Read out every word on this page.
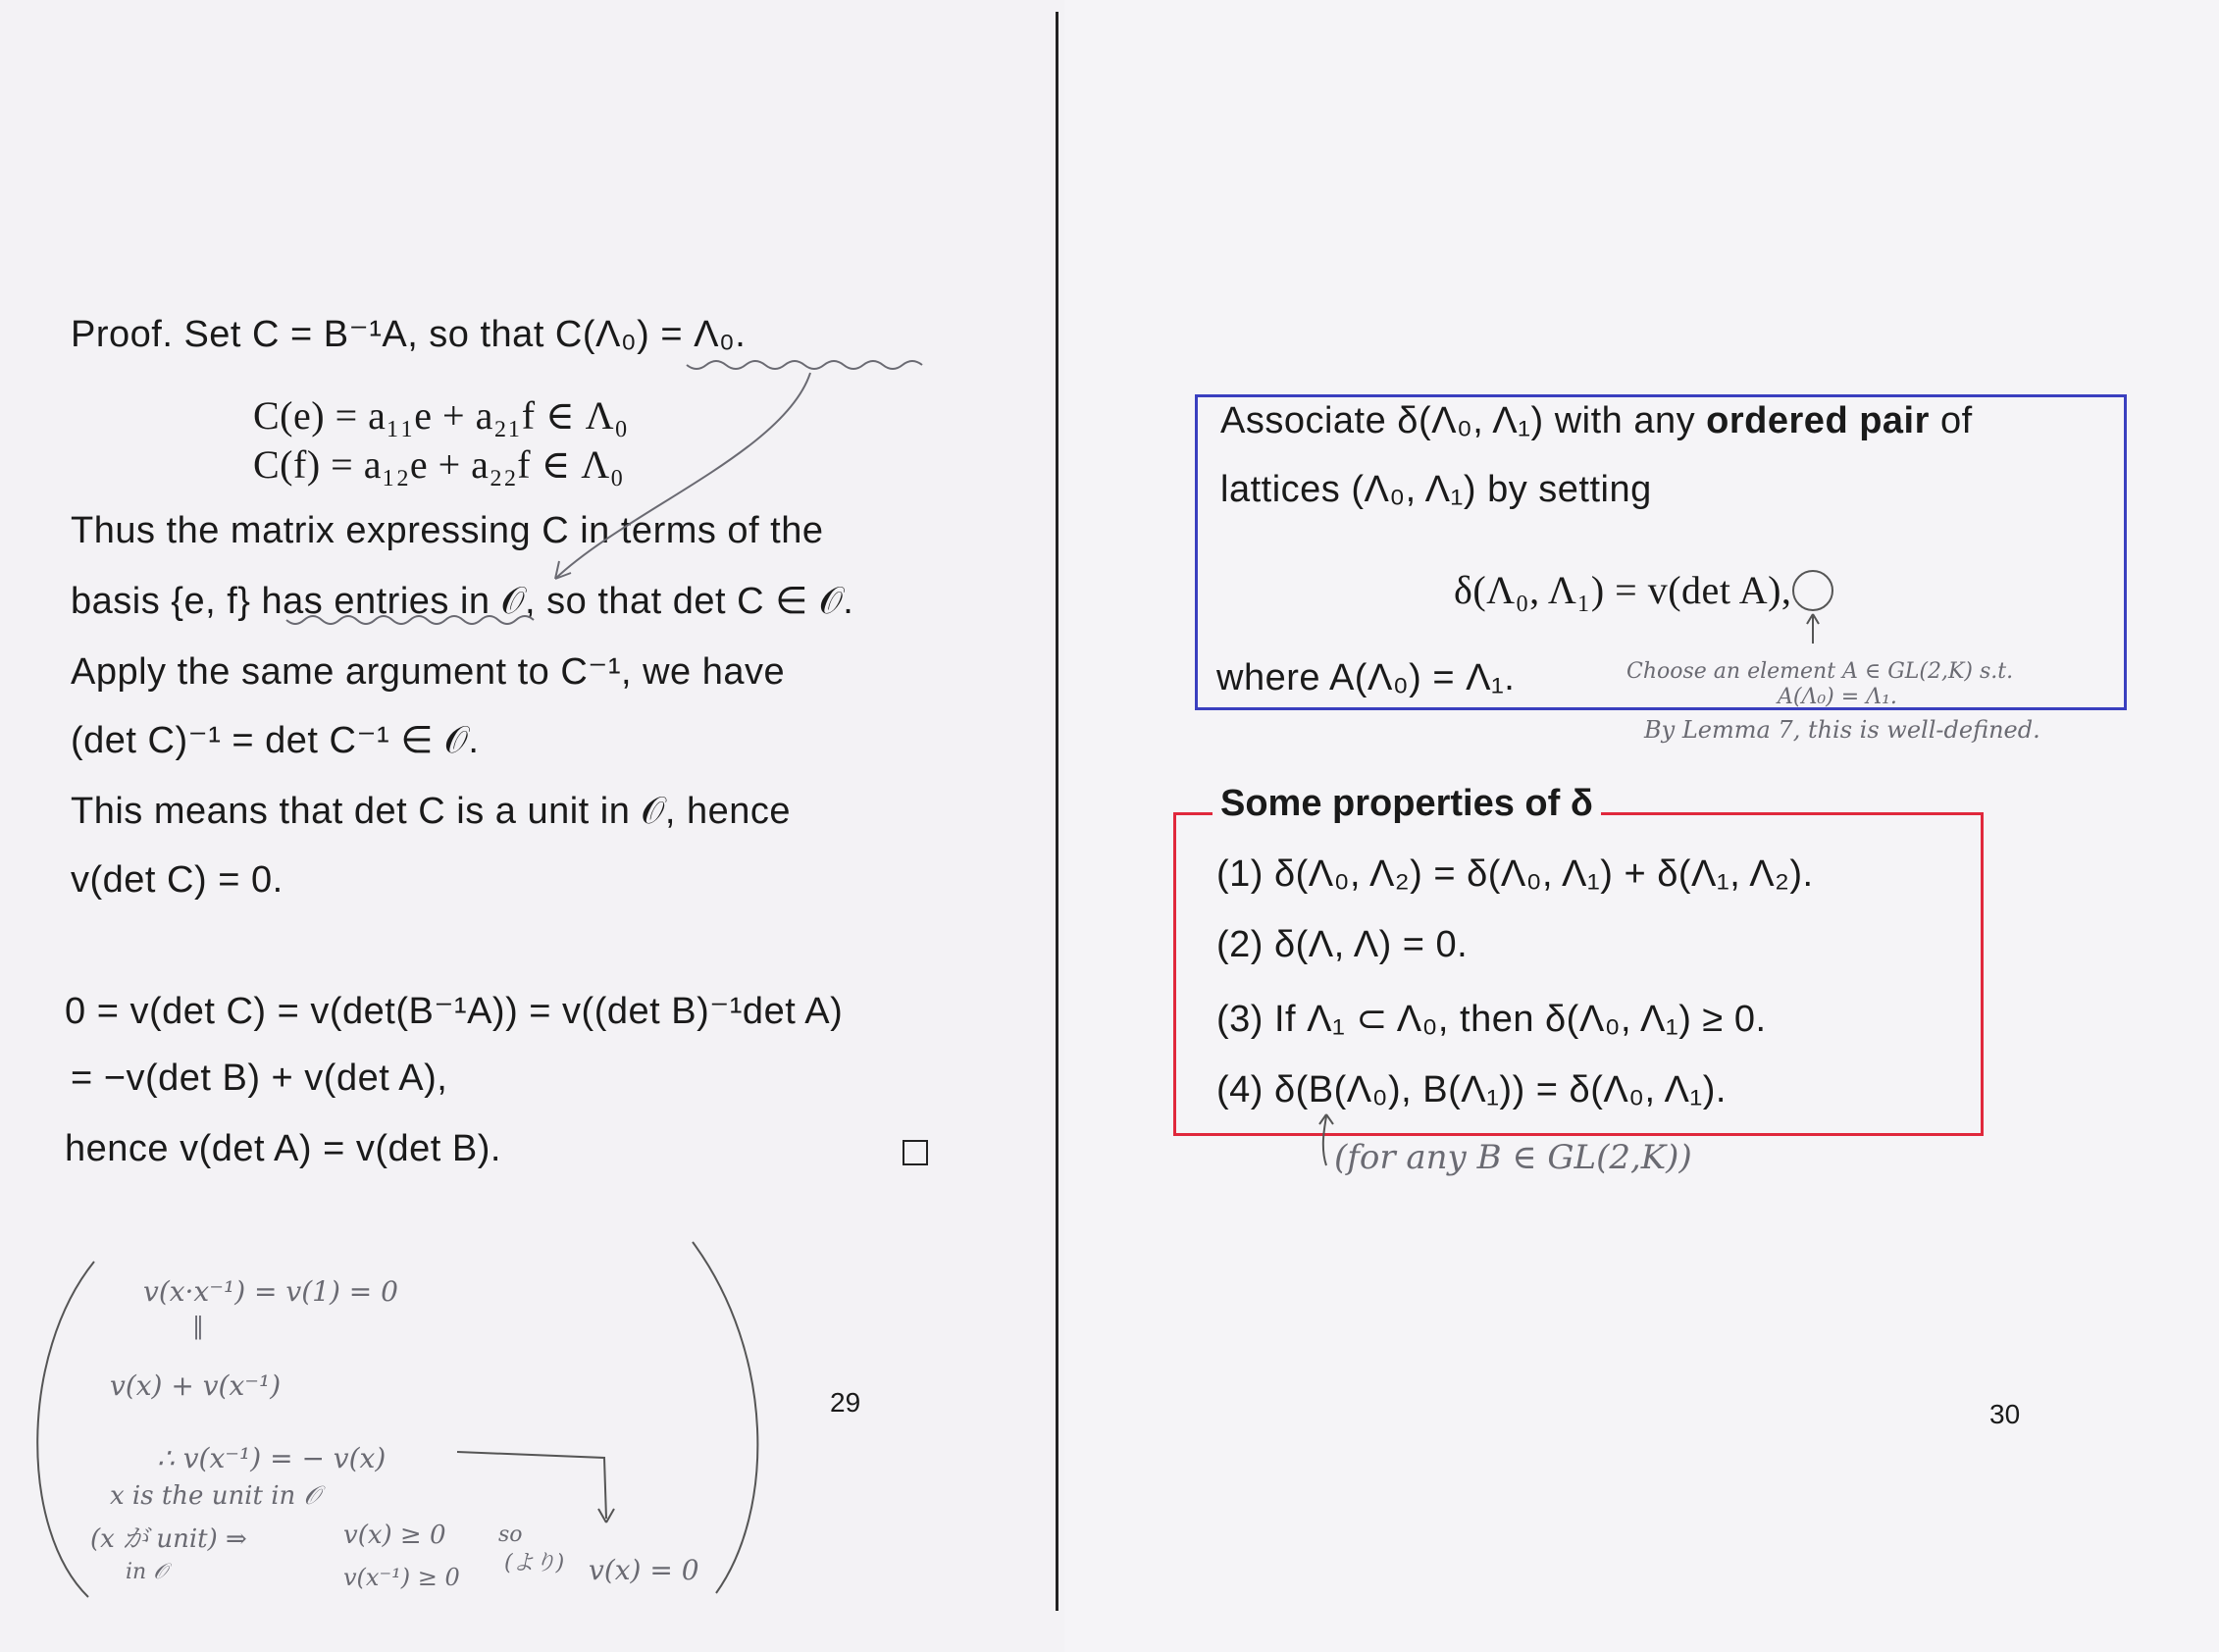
Proof. Set C = B⁻¹A, so that C(Λ₀) = Λ₀.
C(e) = a₁₁e + a₂₁f ∈ Λ₀
C(f) = a₁₂e + a₂₂f ∈ Λ₀
Thus the matrix expressing C in terms of the
basis {e, f} has entries in 𝒪, so that det C ∈ 𝒪.
Apply the same argument to C⁻¹, we have
(det C)⁻¹ = det C⁻¹ ∈ 𝒪.
This means that det C is a unit in 𝒪, hence
v(det C) = 0.
0 = v(det C) = v(det(B⁻¹A)) = v((det B)⁻¹det A)
= −v(det B) + v(det A),
hence v(det A) = v(det B).
29
v(x·x⁻¹) = v(1) = 0
‖
v(x) + v(x⁻¹)
∴ v(x⁻¹) = − v(x)
x is the unit in 𝒪
(x が unit) ⇒
in 𝒪
v(x) ≥ 0
v(x⁻¹) ≥ 0
so
(より) v(x) = 0
Associate δ(Λ₀, Λ₁) with any ordered pair of
lattices (Λ₀, Λ₁) by setting
δ(Λ₀, Λ₁) = v(det A),
where A(Λ₀) = Λ₁.	Choose an element A ∈ GL(2,K) s.t.
A(Λ₀) = Λ₁.
By Lemma 7, this is well-defined.
Some properties of δ
(1) δ(Λ₀, Λ₂) = δ(Λ₀, Λ₁) + δ(Λ₁, Λ₂).
(2) δ(Λ, Λ) = 0.
(3) If Λ₁ ⊂ Λ₀, then δ(Λ₀, Λ₁) ≥ 0.
(4) δ(B(Λ₀), B(Λ₁)) = δ(Λ₀, Λ₁).
(for any B ∈ GL(2,K))
30
